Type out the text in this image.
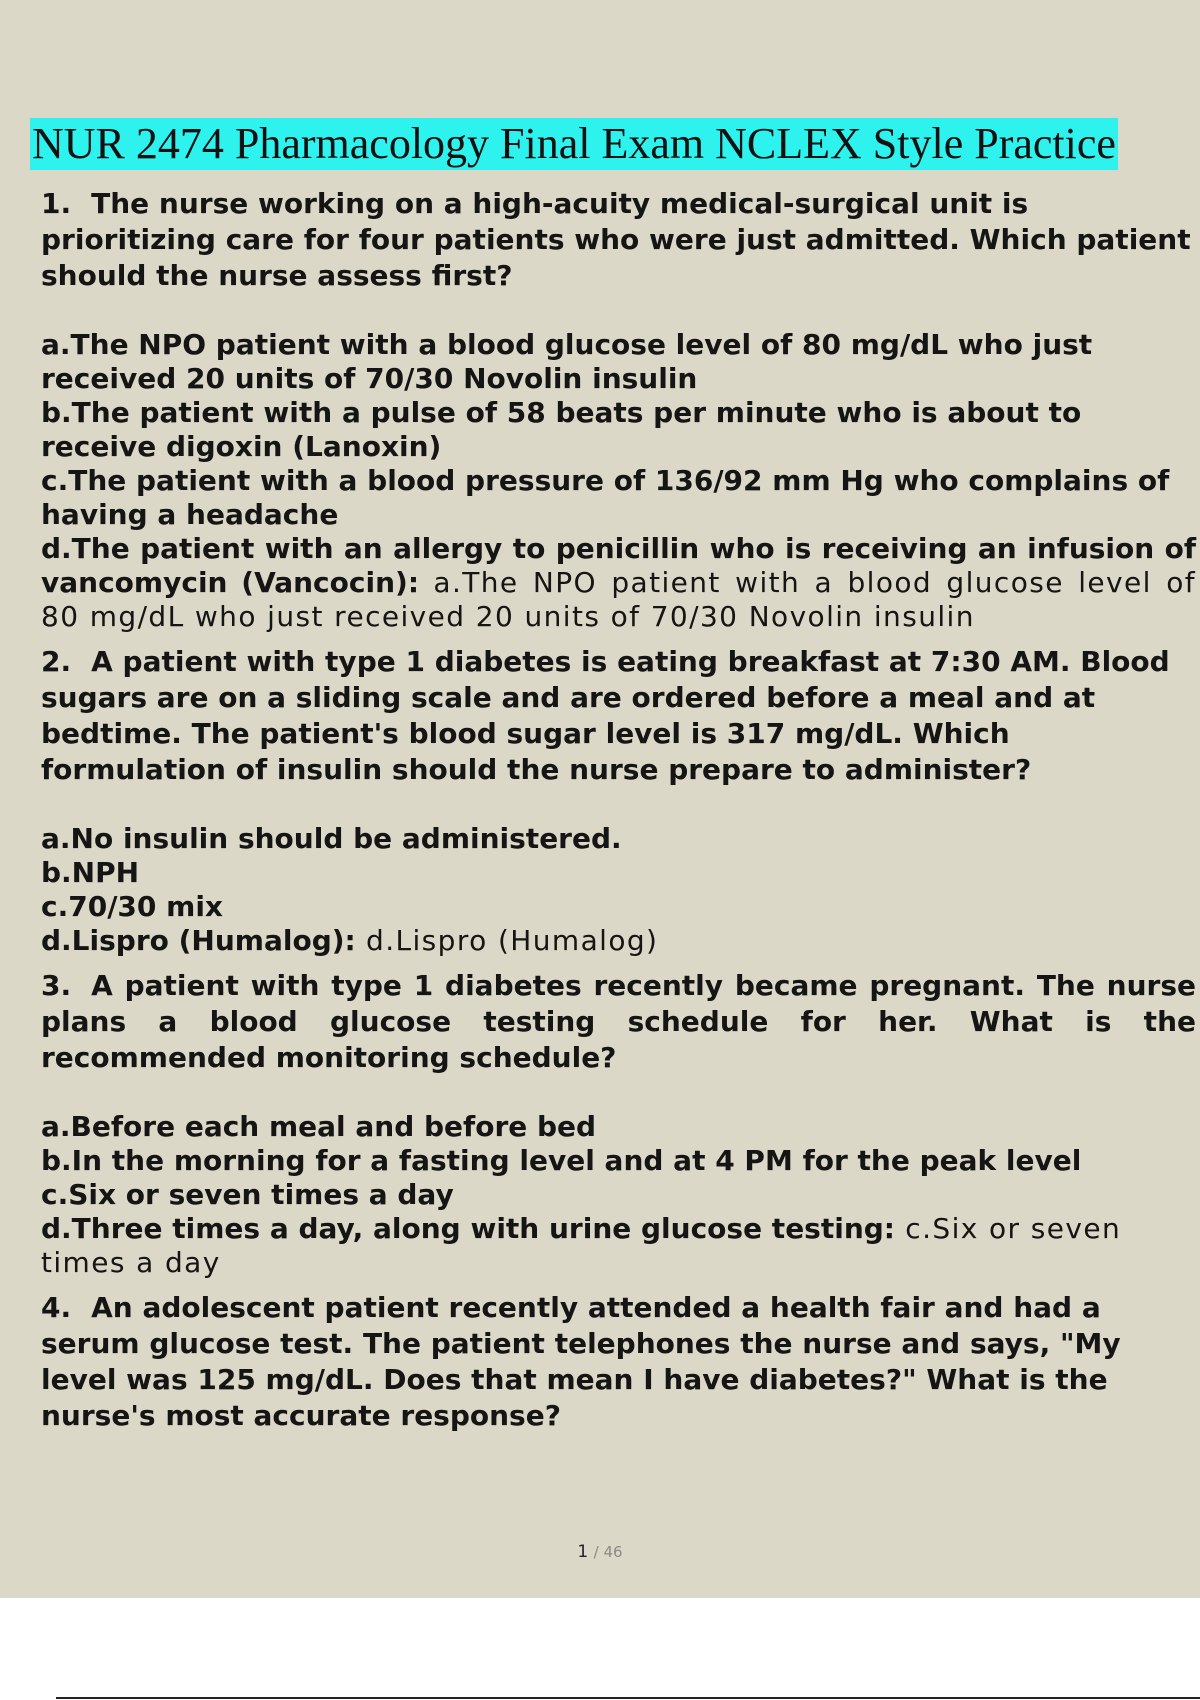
NUR 2474 Pharmacology Final Exam NCLEX Style Practice
1. The nurse working on a high-acuity medical-surgical unit is prioritizing care for four patients who were just admitted. Which patient should the nurse assess first?
a.The NPO patient with a blood glucose level of 80 mg/dL who just received 20 units of 70/30 Novolin insulin
b.The patient with a pulse of 58 beats per minute who is about to receive digoxin (Lanoxin)
c.The patient with a blood pressure of 136/92 mm Hg who complains of having a headache
d.The patient with an allergy to penicillin who is receiving an infusion of vancomycin (Vancocin): a.The NPO patient with a blood glucose level of 80 mg/dL who just received 20 units of 70/30 Novolin insulin
2. A patient with type 1 diabetes is eating breakfast at 7:30 AM. Blood sugars are on a sliding scale and are ordered before a meal and at bedtime. The patient's blood sugar level is 317 mg/dL. Which formulation of insulin should the nurse prepare to administer?
a.No insulin should be administered.
b.NPH
c.70/30 mix
d.Lispro (Humalog): d.Lispro (Humalog)
3. A patient with type 1 diabetes recently became pregnant. The nurse plans a blood glucose testing schedule for her. What is the recommended monitoring schedule?
a.Before each meal and before bed
b.In the morning for a fasting level and at 4 PM for the peak level
c.Six or seven times a day
d.Three times a day, along with urine glucose testing: c.Six or seven times a day
4. An adolescent patient recently attended a health fair and had a serum glucose test. The patient telephones the nurse and says, "My level was 125 mg/dL. Does that mean I have diabetes?" What is the nurse's most accurate response?
1 / 46
